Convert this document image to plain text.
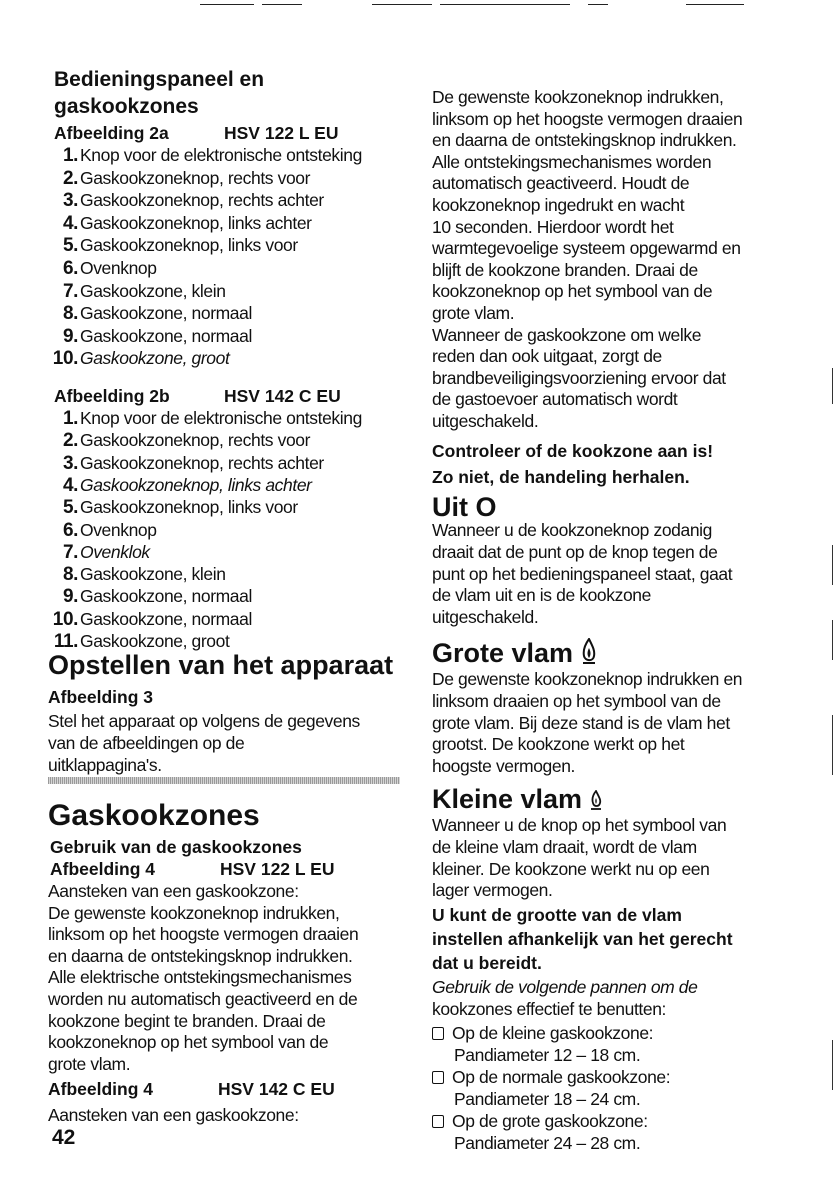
Bedieningspaneel en
gaskookzones
Afbeelding 2a	HSV 122 L EU
1. Knop voor de elektronische ontsteking
2. Gaskookzoneknop, rechts voor
3. Gaskookzoneknop, rechts achter
4. Gaskookzoneknop, links achter
5. Gaskookzoneknop, links voor
6. Ovenknop
7. Gaskookzone, klein
8. Gaskookzone, normaal
9. Gaskookzone, normaal
10. Gaskookzone, groot
Afbeelding 2b	HSV 142 C EU
1. Knop voor de elektronische ontsteking
2. Gaskookzoneknop, rechts voor
3. Gaskookzoneknop, rechts achter
4. Gaskookzoneknop, links achter
5. Gaskookzoneknop, links voor
6. Ovenknop
7. Ovenklok
8. Gaskookzone, klein
9. Gaskookzone, normaal
10. Gaskookzone, normaal
11. Gaskookzone, groot
Opstellen van het apparaat
Afbeelding 3
Stel het apparaat op volgens de gegevens
van de afbeeldingen op de
uitklappagina's.
Gaskookzones
Gebruik van de gaskookzones
Afbeelding 4	HSV 122 L EU
Aansteken van een gaskookzone:
De gewenste kookzoneknop indrukken,
linksom op het hoogste vermogen draaien
en daarna de ontstekingsknop indrukken.
Alle elektrische ontstekingsmechanismes
worden nu automatisch geactiveerd en de
kookzone begint te branden. Draai de
kookzoneknop op het symbool van de
grote vlam.
Afbeelding 4	HSV 142 C EU
Aansteken van een gaskookzone:
42
De gewenste kookzoneknop indrukken,
linksom op het hoogste vermogen draaien
en daarna de ontstekingsknop indrukken.
Alle ontstekingsmechanismes worden
automatisch geactiveerd. Houdt de
kookzoneknop ingedrukt en wacht
10 seconden. Hierdoor wordt het
warmtegevoelige systeem opgewarmd en
blijft de kookzone branden. Draai de
kookzoneknop op het symbool van de
grote vlam.
Wanneer de gaskookzone om welke
reden dan ook uitgaat, zorgt de
brandbeveiligingsvoorziening ervoor dat
de gastoevoer automatisch wordt
uitgeschakeld.
Controleer of de kookzone aan is!
Zo niet, de handeling herhalen.
Uit O
Wanneer u de kookzoneknop zodanig
draait dat de punt op de knop tegen de
punt op het bedieningspaneel staat, gaat
de vlam uit en is de kookzone
uitgeschakeld.
Grote vlam
De gewenste kookzoneknop indrukken en
linksom draaien op het symbool van de
grote vlam. Bij deze stand is de vlam het
grootst. De kookzone werkt op het
hoogste vermogen.
Kleine vlam
Wanneer u de knop op het symbool van
de kleine vlam draait, wordt de vlam
kleiner. De kookzone werkt nu op een
lager vermogen.
U kunt de grootte van de vlam
instellen afhankelijk van het gerecht
dat u bereidt.
Gebruik de volgende pannen om de
kookzones effectief te benutten:
Op de kleine gaskookzone:
Pandiameter 12 – 18 cm.
Op de normale gaskookzone:
Pandiameter 18 – 24 cm.
Op de grote gaskookzone:
Pandiameter 24 – 28 cm.
